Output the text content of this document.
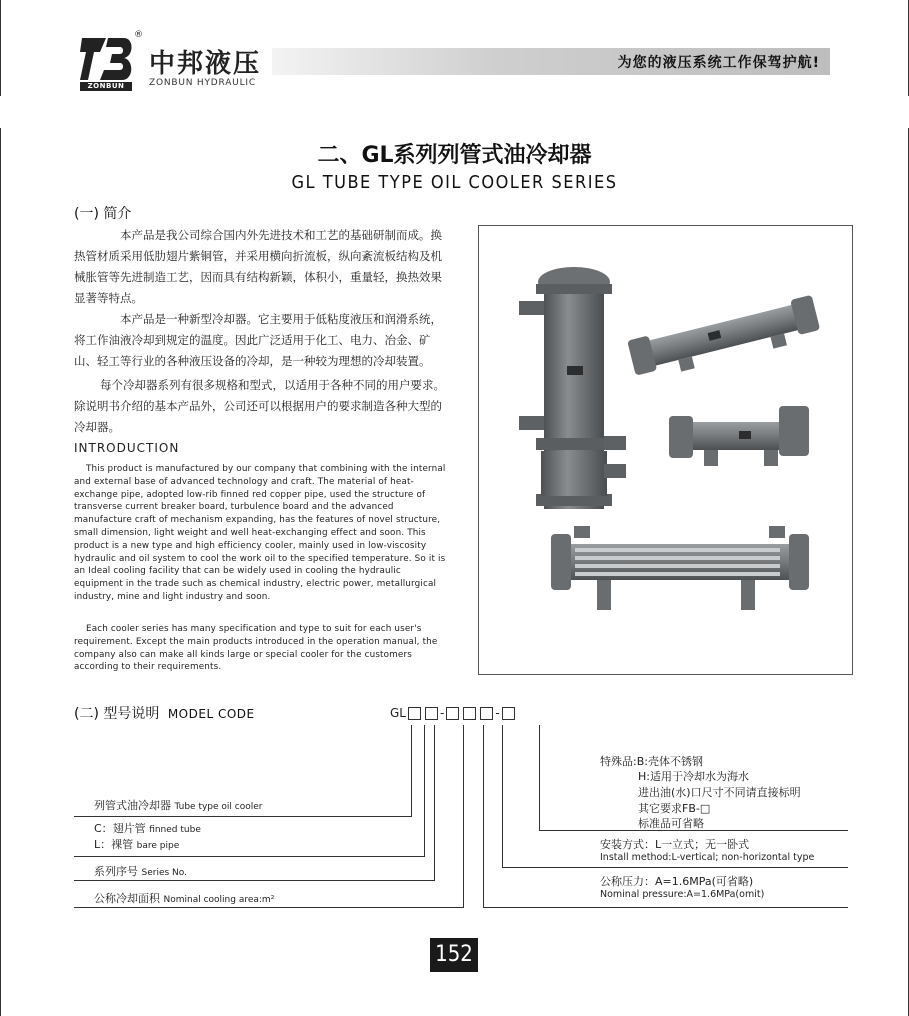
®
ZONBUN
中邦液压
ZONBUN HYDRAULIC
为您的液压系统工作保驾护航!
二、GL系列列管式油冷却器
GL TUBE TYPE OIL COOLER SERIES
(一) 简介
本产品是我公司综合国内外先进技术和工艺的基础研制而成。换热管材质采用低肋翅片紫铜管，并采用横向折流板，纵向紊流板结构及机械胀管等先进制造工艺，因而具有结构新颖，体积小，重量轻，换热效果显著等特点。
本产品是一种新型冷却器。它主要用于低粘度液压和润滑系统，将工作油液冷却到规定的温度。因此广泛适用于化工、电力、冶金、矿山、轻工等行业的各种液压设备的冷却，是一种较为理想的冷却装置。
每个冷却器系列有很多规格和型式，以适用于各种不同的用户要求。除说明书介绍的基本产品外，公司还可以根据用户的要求制造各种大型的冷却器。
INTRODUCTION
This product is manufactured by our company that combining with the internal and external base of advanced technology and craft. The material of heat-exchange pipe, adopted low-rib finned red copper pipe, used the structure of transverse current breaker board, turbulence board and the advanced manufacture craft of mechanism expanding, has the features of novel structure, small dimension, light weight and well heat-exchanging effect and soon. This product is a new type and high efficiency cooler, mainly used in low-viscosity hydraulic and oil system to cool the work oil to the specified temperature. So it is an Ideal cooling facility that can be widely used in cooling the hydraulic equipment in the trade such as chemical industry, electric power, metallurgical industry, mine and light industry and soon.
Each cooler series has many specification and type to suit for each user's requirement. Except the main products introduced in the operation manual, the company also can make all kinds large or special cooler for the customers according to their requirements.
(二) 型号说明 MODEL CODE	GL	-	-
列管式油冷却器 Tube type oil cooler
C：翅片管 finned tube
L：裸管 bare pipe
系列序号 Series No.
公称冷却面积 Nominal cooling area:m²
特殊品:B:壳体不锈钢
H:适用于冷却水为海水
进出油(水)口尺寸不同请直接标明
其它要求FB-□
标准品可省略
安装方式：L一立式；无一卧式
Install method:L-vertical; non-horizontal type
公称压力：A=1.6MPa(可省略)
Nominal pressure:A=1.6MPa(omit)
152
